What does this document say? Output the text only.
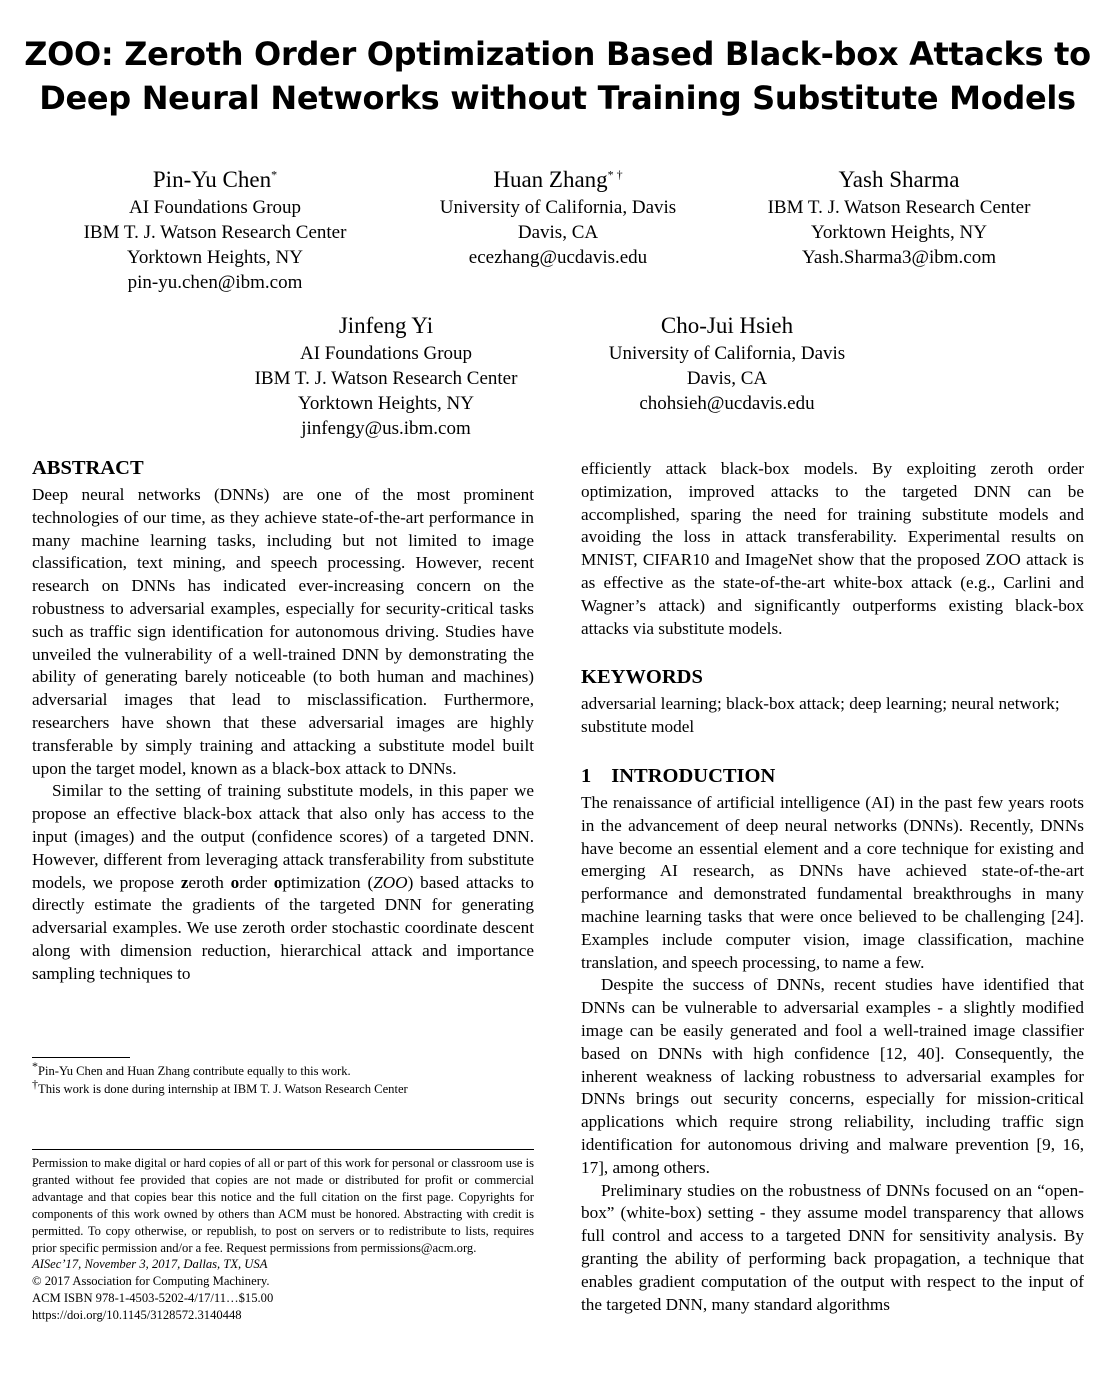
ZOO: Zeroth Order Optimization Based Black-box Attacks to
Deep Neural Networks without Training Substitute Models
Pin-Yu Chen*
AI Foundations Group
IBM T. J. Watson Research Center
Yorktown Heights, NY
pin-yu.chen@ibm.com
Huan Zhang* †
University of California, Davis
Davis, CA
ecezhang@ucdavis.edu
Yash Sharma
IBM T. J. Watson Research Center
Yorktown Heights, NY
Yash.Sharma3@ibm.com
Jinfeng Yi
AI Foundations Group
IBM T. J. Watson Research Center
Yorktown Heights, NY
jinfengy@us.ibm.com
Cho-Jui Hsieh
University of California, Davis
Davis, CA
chohsieh@ucdavis.edu
ABSTRACT

Deep neural networks (DNNs) are one of the most prominent technologies of our time, as they achieve state-of-the-art performance in many machine learning tasks, including but not limited to image classification, text mining, and speech processing. However, recent research on DNNs has indicated ever-increasing concern on the robustness to adversarial examples, especially for security-critical tasks such as traffic sign identification for autonomous driving. Studies have unveiled the vulnerability of a well-trained DNN by demonstrating the ability of generating barely noticeable (to both human and machines) adversarial images that lead to misclassification. Furthermore, researchers have shown that these adversarial images are highly transferable by simply training and attacking a substitute model built upon the target model, known as a black-box attack to DNNs.

Similar to the setting of training substitute models, in this paper we propose an effective black-box attack that also only has access to the input (images) and the output (confidence scores) of a targeted DNN. However, different from leveraging attack transferability from substitute models, we propose zeroth order optimization (ZOO) based attacks to directly estimate the gradients of the targeted DNN for generating adversarial examples. We use zeroth order stochastic coordinate descent along with dimension reduction, hierarchical attack and importance sampling techniques to

*Pin-Yu Chen and Huan Zhang contribute equally to this work.
†This work is done during internship at IBM T. J. Watson Research Center

Permission to make digital or hard copies of all or part of this work for personal or classroom use is granted without fee provided that copies are not made or distributed for profit or commercial advantage and that copies bear this notice and the full citation on the first page. Copyrights for components of this work owned by others than ACM must be honored. Abstracting with credit is permitted. To copy otherwise, or republish, to post on servers or to redistribute to lists, requires prior specific permission and/or a fee. Request permissions from permissions@acm.org.

AISec’17, November 3, 2017, Dallas, TX, USA

© 2017 Association for Computing Machinery.

ACM ISBN 978-1-4503-5202-4/17/11…$15.00

https://doi.org/10.1145/3128572.3140448

efficiently attack black-box models. By exploiting zeroth order optimization, improved attacks to the targeted DNN can be accomplished, sparing the need for training substitute models and avoiding the loss in attack transferability. Experimental results on MNIST, CIFAR10 and ImageNet show that the proposed ZOO attack is as effective as the state-of-the-art white-box attack (e.g., Carlini and Wagner’s attack) and significantly outperforms existing black-box attacks via substitute models.

KEYWORDS

adversarial learning; black-box attack; deep learning; neural network; substitute model

1 INTRODUCTION

The renaissance of artificial intelligence (AI) in the past few years roots in the advancement of deep neural networks (DNNs). Recently, DNNs have become an essential element and a core technique for existing and emerging AI research, as DNNs have achieved state-of-the-art performance and demonstrated fundamental breakthroughs in many machine learning tasks that were once believed to be challenging [24]. Examples include computer vision, image classification, machine translation, and speech processing, to name a few.

Despite the success of DNNs, recent studies have identified that DNNs can be vulnerable to adversarial examples - a slightly modified image can be easily generated and fool a well-trained image classifier based on DNNs with high confidence [12, 40]. Consequently, the inherent weakness of lacking robustness to adversarial examples for DNNs brings out security concerns, especially for mission-critical applications which require strong reliability, including traffic sign identification for autonomous driving and malware prevention [9, 16, 17], among others.

Preliminary studies on the robustness of DNNs focused on an “open-box” (white-box) setting - they assume model transparency that allows full control and access to a targeted DNN for sensitivity analysis. By granting the ability of performing back propagation, a technique that enables gradient computation of the output with respect to the input of the targeted DNN, many standard algorithms
